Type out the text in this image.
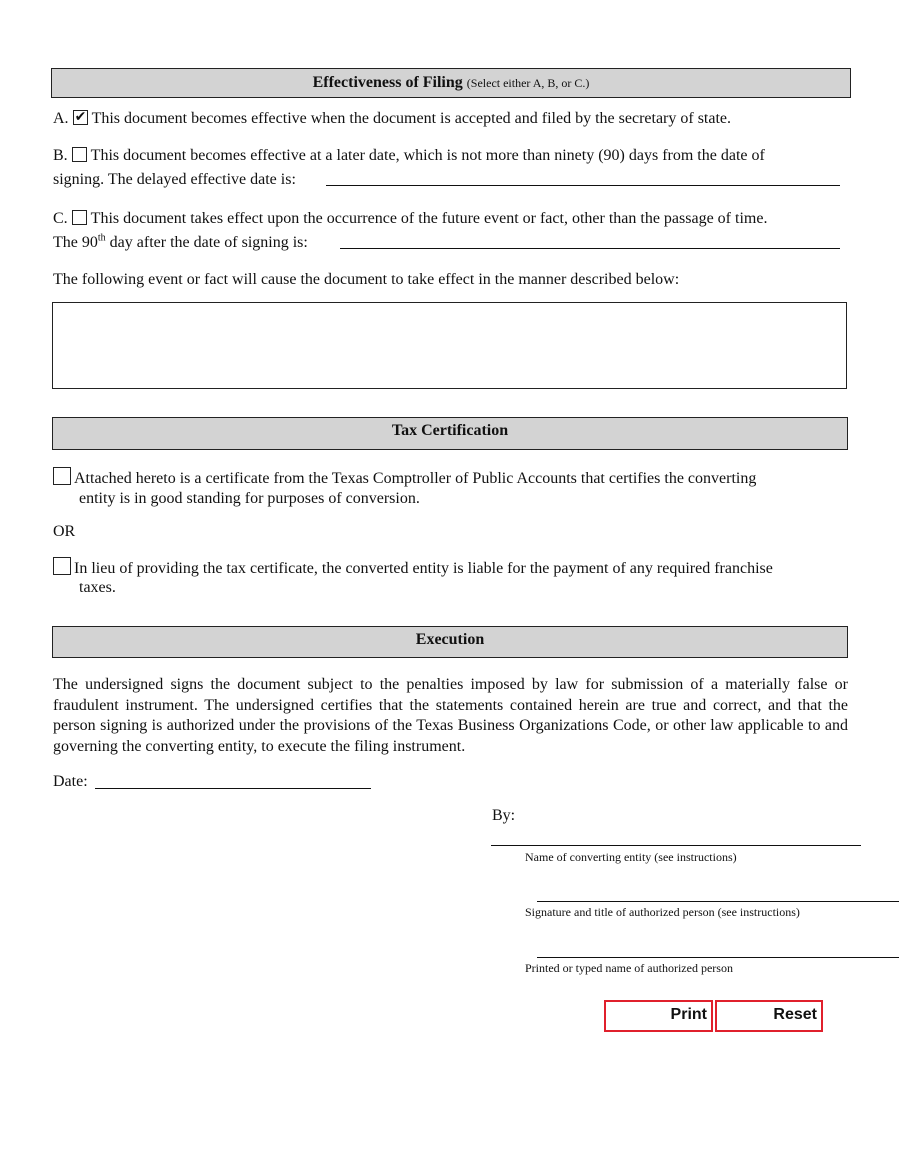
Effectiveness of Filing (Select either A, B, or C.)
A. ✔ This document becomes effective when the document is accepted and filed by the secretary of state.
B. This document becomes effective at a later date, which is not more than ninety (90) days from the date of
signing. The delayed effective date is:
C. This document takes effect upon the occurrence of the future event or fact, other than the passage of time.
The 90th day after the date of signing is:
The following event or fact will cause the document to take effect in the manner described below:
Tax Certification
Attached hereto is a certificate from the Texas Comptroller of Public Accounts that certifies the converting
entity is in good standing for purposes of conversion.
OR
In lieu of providing the tax certificate, the converted entity is liable for the payment of any required franchise
taxes.
Execution
The undersigned signs the document subject to the penalties imposed by law for submission of a materially false or fraudulent instrument. The undersigned certifies that the statements contained herein are true and correct, and that the person signing is authorized under the provisions of the Texas Business Organizations Code, or other law applicable to and governing the converting entity, to execute the filing instrument.
Date:
By:
Name of converting entity (see instructions)
Signature and title of authorized person (see instructions)
Printed or typed name of authorized person
Print	Reset
